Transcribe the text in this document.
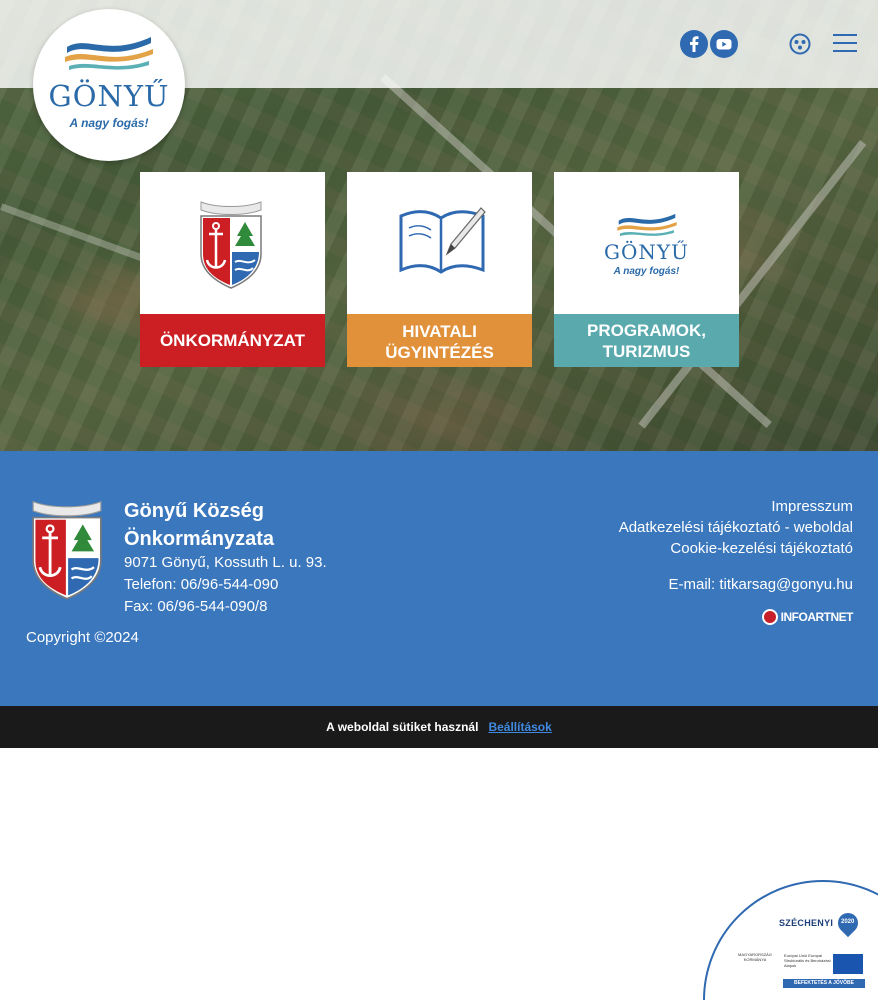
GÖNYŰ
A nagy fogás!
ÖNKORMÁNYZAT	HIVATALI
ÜGYINTÉZÉS
GÖNYŰ
A nagy fogás!
PROGRAMOK,
TURIZMUS
Gönyű Község Önkormányzata
9071 Gönyű, Kossuth L. u. 93.
Telefon: 06/96-544-090
Fax: 06/96-544-090/8
Copyright ©2024
Impresszum
Adatkezelési tájékoztató - weboldal
Cookie-kezelési tájékoztató
E-mail: titkarsag@gonyu.hu
INFOARTNET
A weboldal sütiket használ Beállítások
SZÉCHENYI 2020
MAGYARORSZÁG KORMÁNYA
Európai Unió Európai Strukturális és Beruházási Alapok
BEFEKTETÉS A JÖVŐBE
